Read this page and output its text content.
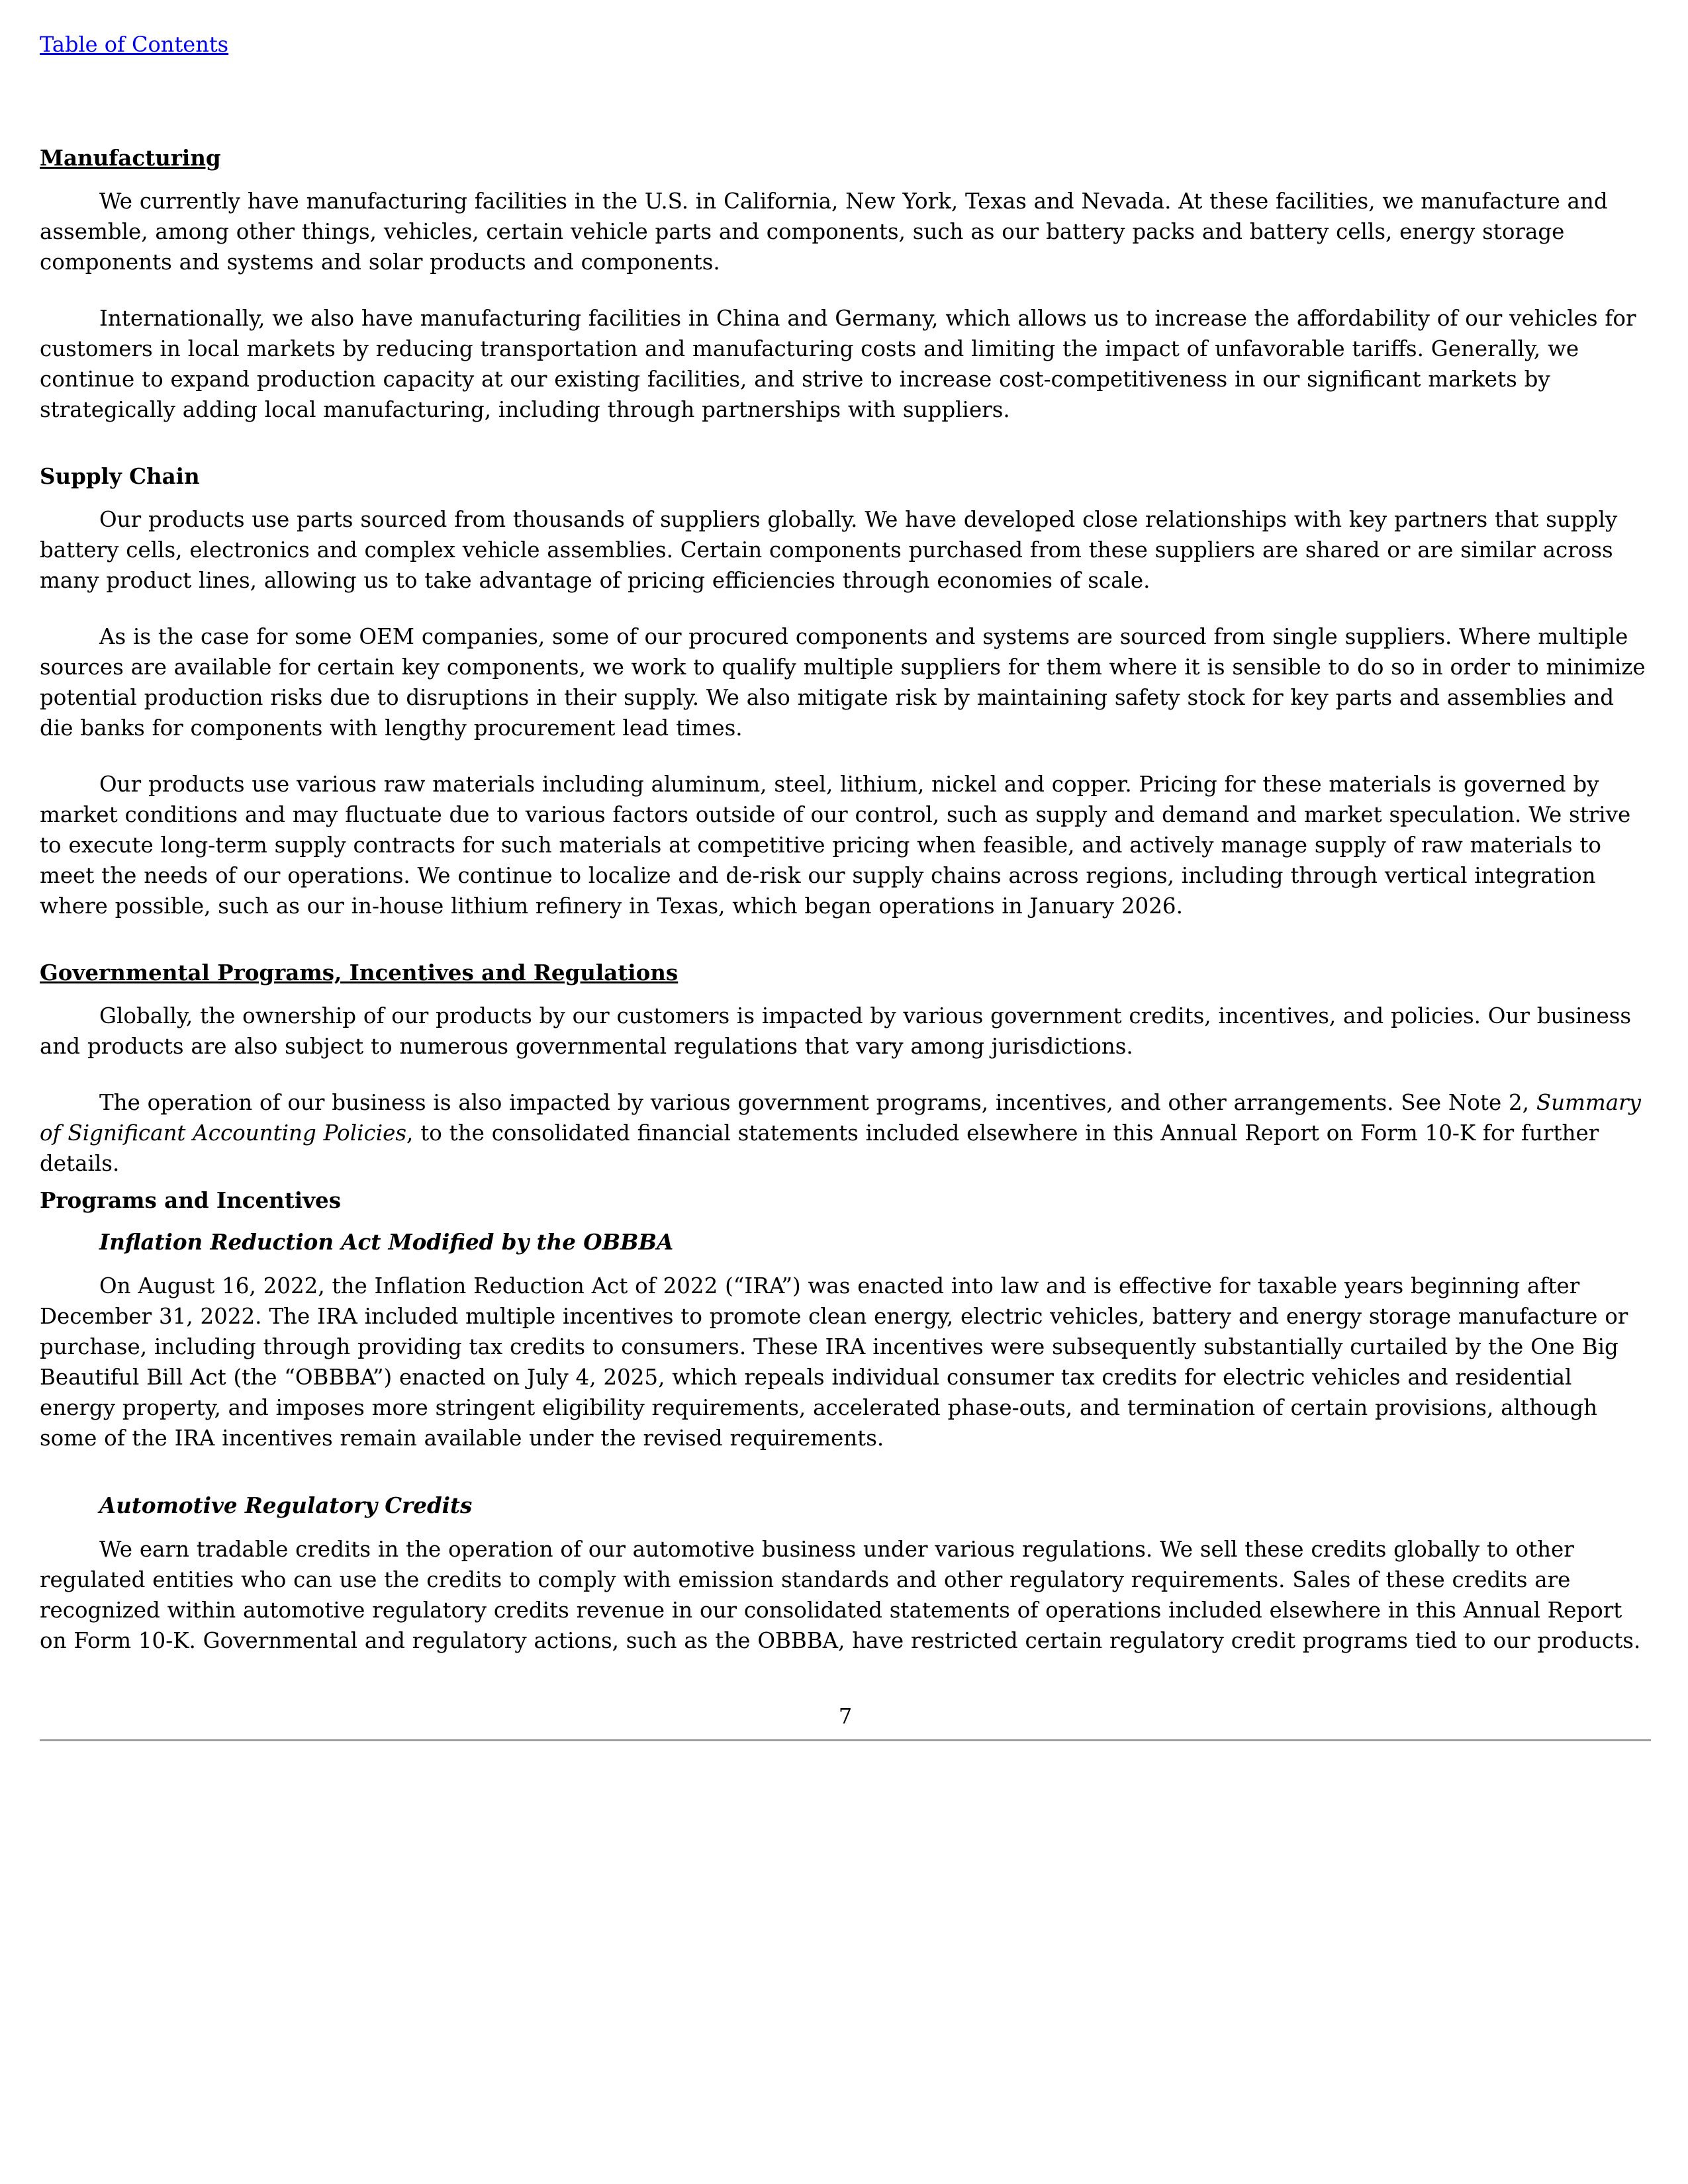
Table of Contents
Manufacturing

We currently have manufacturing facilities in the U.S. in California, New York, Texas and Nevada. At these facilities, we manufacture and assemble, among other things, vehicles, certain vehicle parts and components, such as our battery packs and battery cells, energy storage components and systems and solar products and components.

Internationally, we also have manufacturing facilities in China and Germany, which allows us to increase the affordability of our vehicles for customers in local markets by reducing transportation and manufacturing costs and limiting the impact of unfavorable tariffs. Generally, we continue to expand production capacity at our existing facilities, and strive to increase cost-competitiveness in our significant markets by strategically adding local manufacturing, including through partnerships with suppliers.

Supply Chain

Our products use parts sourced from thousands of suppliers globally. We have developed close relationships with key partners that supply battery cells, electronics and complex vehicle assemblies. Certain components purchased from these suppliers are shared or are similar across many product lines, allowing us to take advantage of pricing efficiencies through economies of scale.

As is the case for some OEM companies, some of our procured components and systems are sourced from single suppliers. Where multiple sources are available for certain key components, we work to qualify multiple suppliers for them where it is sensible to do so in order to minimize potential production risks due to disruptions in their supply. We also mitigate risk by maintaining safety stock for key parts and assemblies and die banks for components with lengthy procurement lead times.

Our products use various raw materials including aluminum, steel, lithium, nickel and copper. Pricing for these materials is governed by market conditions and may fluctuate due to various factors outside of our control, such as supply and demand and market speculation. We strive to execute long-term supply contracts for such materials at competitive pricing when feasible, and actively manage supply of raw materials to meet the needs of our operations. We continue to localize and de-risk our supply chains across regions, including through vertical integration where possible, such as our in-house lithium refinery in Texas, which began operations in January 2026.

Governmental Programs, Incentives and Regulations

Globally, the ownership of our products by our customers is impacted by various government credits, incentives, and policies. Our business and products are also subject to numerous governmental regulations that vary among jurisdictions.

The operation of our business is also impacted by various government programs, incentives, and other arrangements. See Note 2, Summary of Significant Accounting Policies, to the consolidated financial statements included elsewhere in this Annual Report on Form 10-K for further details.

Programs and Incentives
Inflation Reduction Act Modified by the OBBBA

On August 16, 2022, the Inflation Reduction Act of 2022 (“IRA”) was enacted into law and is effective for taxable years beginning after December 31, 2022. The IRA included multiple incentives to promote clean energy, electric vehicles, battery and energy storage manufacture or purchase, including through providing tax credits to consumers. These IRA incentives were subsequently substantially curtailed by the One Big Beautiful Bill Act (the “OBBBA”) enacted on July 4, 2025, which repeals individual consumer tax credits for electric vehicles and residential energy property, and imposes more stringent eligibility requirements, accelerated phase-outs, and termination of certain provisions, although some of the IRA incentives remain available under the revised requirements.

Automotive Regulatory Credits

We earn tradable credits in the operation of our automotive business under various regulations. We sell these credits globally to other regulated entities who can use the credits to comply with emission standards and other regulatory requirements. Sales of these credits are recognized within automotive regulatory credits revenue in our consolidated statements of operations included elsewhere in this Annual Report on Form 10-K. Governmental and regulatory actions, such as the OBBBA, have restricted certain regulatory credit programs tied to our products.

7
